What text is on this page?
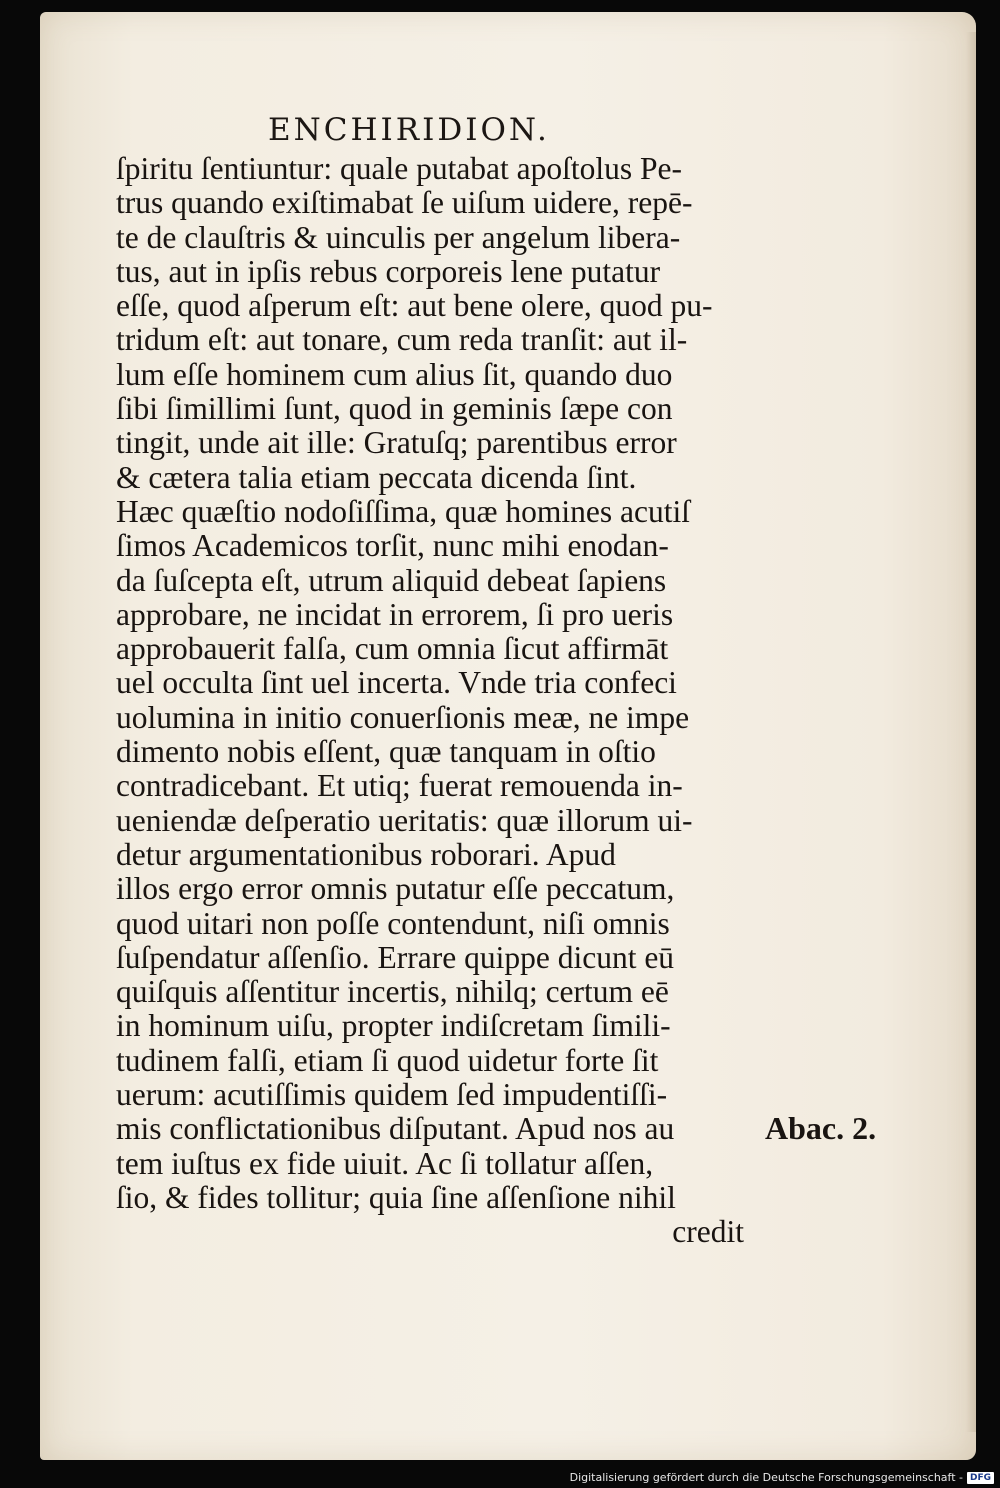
ENCHIRIDION.
ſpiritu ſentiuntur: quale putabat apoſtolus Pe-
trus quando exiſtimabat ſe uiſum uidere, repē-
te de clauſtris & uinculis per angelum libera-
tus, aut in ipſis rebus corporeis lene putatur
eſſe, quod aſperum eſt: aut bene olere, quod pu-
tridum eſt: aut tonare, cum reda tranſit: aut il-
lum eſſe hominem cum alius ſit, quando duo
ſibi ſimillimi ſunt, quod in geminis ſæpe con
tingit, unde ait ille: Gratuſq; parentibus error
& cætera talia etiam peccata dicenda ſint.
Hæc quæſtio nodoſiſſima, quæ homines acutiſ
ſimos Academicos torſit, nunc mihi enodan-
da ſuſcepta eſt, utrum aliquid debeat ſapiens
approbare, ne incidat in errorem, ſi pro ueris
approbauerit falſa, cum omnia ſicut affirmāt
uel occulta ſint uel incerta. Vnde tria confeci
uolumina in initio conuerſionis meæ, ne impe
dimento nobis eſſent, quæ tanquam in oſtio
contradicebant. Et utiq; fuerat remouenda in-
ueniendæ deſperatio ueritatis: quæ illorum ui-
detur argumentationibus roborari. Apud
illos ergo error omnis putatur eſſe peccatum,
quod uitari non poſſe contendunt, niſi omnis
ſuſpendatur aſſenſio. Errare quippe dicunt eū
quiſquis aſſentitur incertis, nihilq; certum eē
in hominum uiſu, propter indiſcretam ſimili-
tudinem falſi, etiam ſi quod uidetur forte ſit
uerum: acutiſſimis quidem ſed impudentiſſi-
mis conflictationibus diſputant. Apud nos au
tem iuſtus ex fide uiuit. Ac ſi tollatur aſſen,
ſio, & fides tollitur; quia ſine aſſenſione nihil
credit
Abac. 2.
Digitalisierung gefördert durch die Deutsche Forschungsgemeinschaft - DFG
